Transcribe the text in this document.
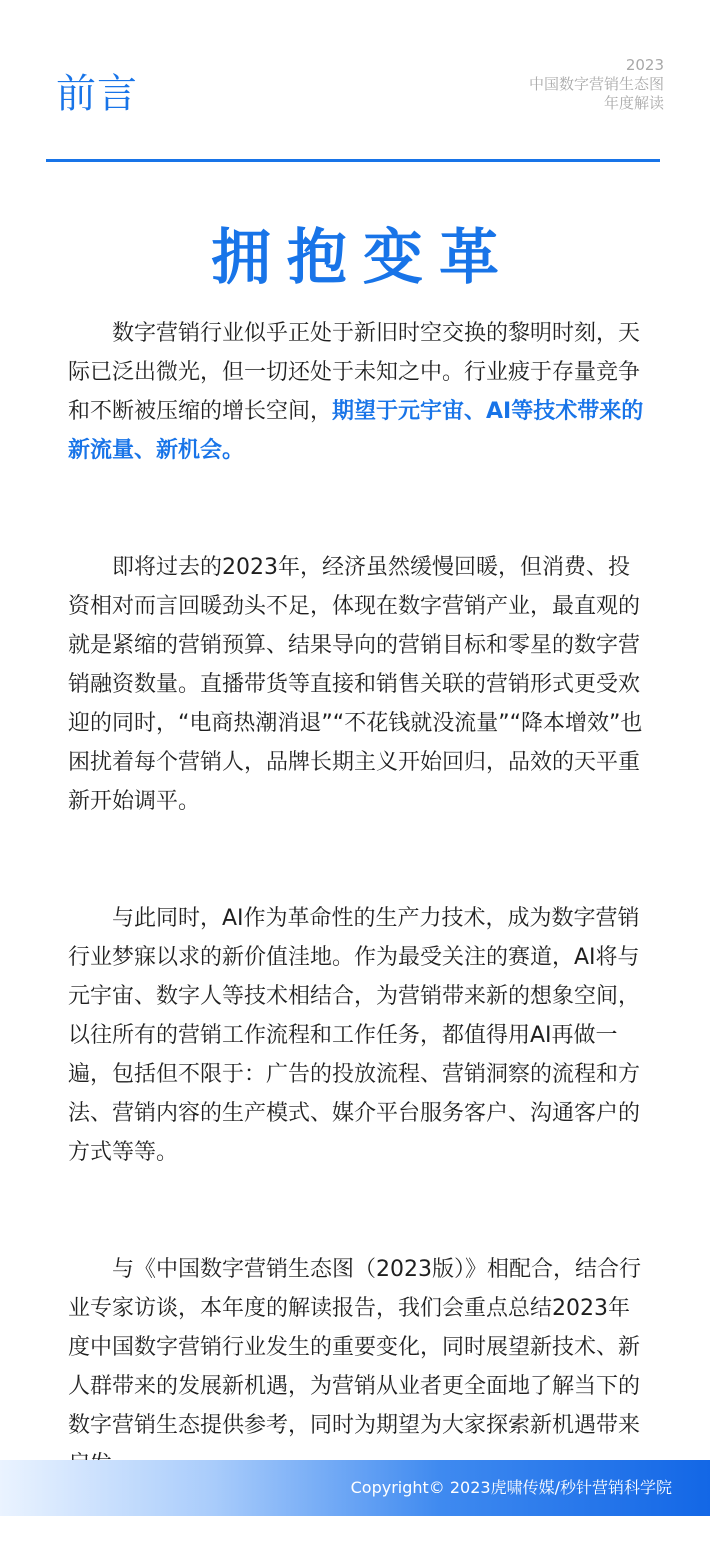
前言
2023
中国数字营销生态图
年度解读
拥抱变革

数字营销行业似乎正处于新旧时空交换的黎明时刻，天际已泛出微光，但一切还处于未知之中。行业疲于存量竞争和不断被压缩的增长空间，期望于元宇宙、AI等技术带来的新流量、新机会。

即将过去的2023年，经济虽然缓慢回暖，但消费、投资相对而言回暖劲头不足，体现在数字营销产业，最直观的就是紧缩的营销预算、结果导向的营销目标和零星的数字营销融资数量。直播带货等直接和销售关联的营销形式更受欢迎的同时，“电商热潮消退”“不花钱就没流量”“降本增效”也困扰着每个营销人，品牌长期主义开始回归，品效的天平重新开始调平。

与此同时，AI作为革命性的生产力技术，成为数字营销行业梦寐以求的新价值洼地。作为最受关注的赛道，AI将与元宇宙、数字人等技术相结合，为营销带来新的想象空间，以往所有的营销工作流程和工作任务，都值得用AI再做一遍，包括但不限于：广告的投放流程、营销洞察的流程和方法、营销内容的生产模式、媒介平台服务客户、沟通客户的方式等等。

与《中国数字营销生态图（2023版）》相配合，结合行业专家访谈，本年度的解读报告，我们会重点总结2023年度中国数字营销行业发生的重要变化，同时展望新技术、新人群带来的发展新机遇，为营销从业者更全面地了解当下的数字营销生态提供参考，同时为期望为大家探索新机遇带来

Copyright© 2023虎啸传媒/秒针营销科学院
